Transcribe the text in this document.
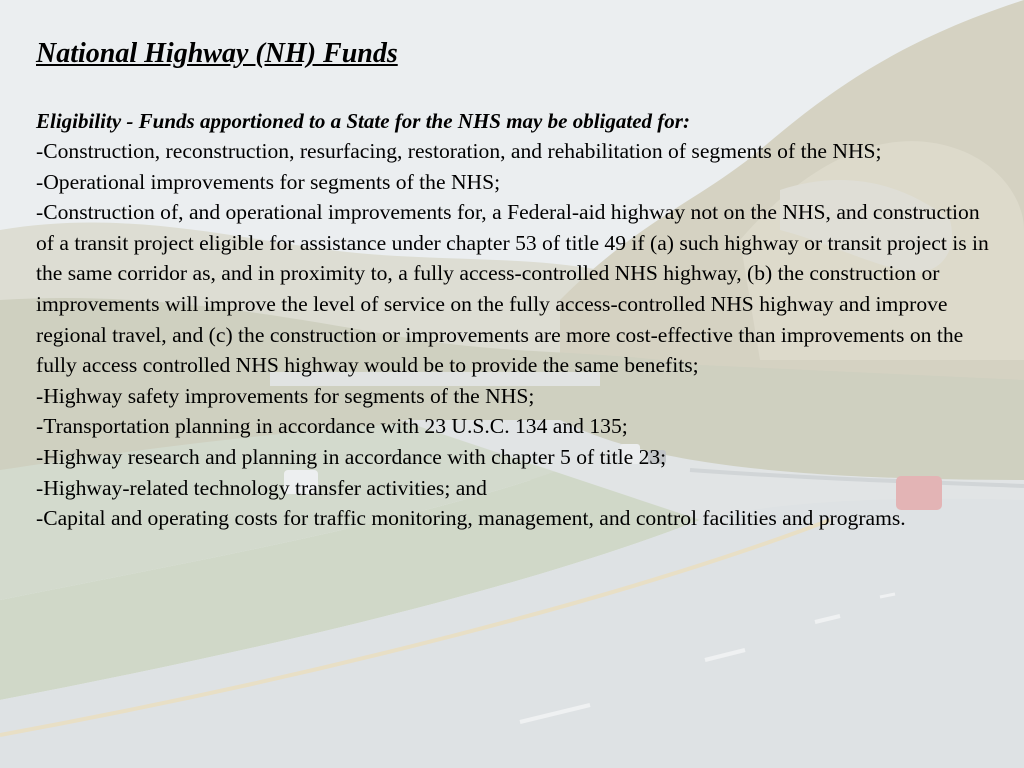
National Highway (NH) Funds

Eligibility - Funds apportioned to a State for the NHS may be obligated for:

-Construction, reconstruction, resurfacing, restoration, and rehabilitation of segments of the NHS;
-Operational improvements for segments of the NHS;
-Construction of, and operational improvements for, a Federal-aid highway not on the NHS, and construction of a transit project eligible for assistance under chapter 53 of title 49 if (a) such highway or transit project is in the same corridor as, and in proximity to, a fully access-controlled NHS highway, (b) the construction or improvements will improve the level of service on the fully access-controlled NHS highway and improve regional travel, and (c) the construction or improvements are more cost-effective than improvements on the fully access controlled NHS highway would be to provide the same benefits;
-Highway safety improvements for segments of the NHS;
-Transportation planning in accordance with 23 U.S.C. 134 and 135;
-Highway research and planning in accordance with chapter 5 of title 23;
-Highway-related technology transfer activities; and
-Capital and operating costs for traffic monitoring, management, and control facilities and programs.
